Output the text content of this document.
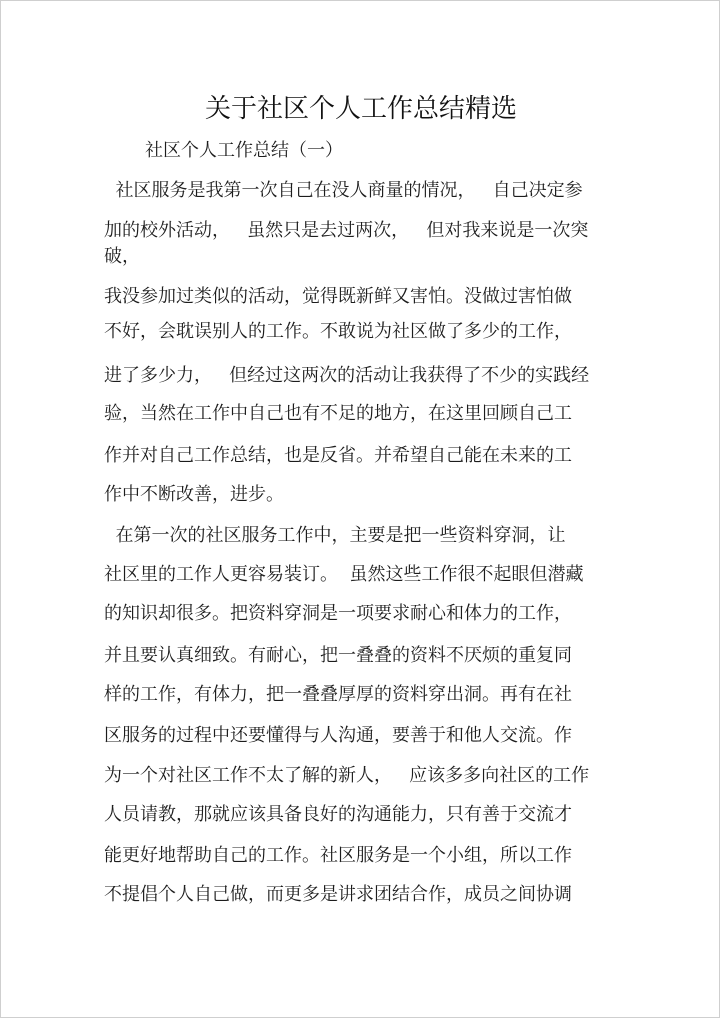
关于社区个人工作总结精选

社区个人工作总结（一）

社区服务是我第一次自己在没人商量的情况，   自己决定参

加的校外活动，   虽然只是去过两次，   但对我来说是一次突

破，

我没参加过类似的活动，觉得既新鲜又害怕。没做过害怕做

不好，会耽误别人的工作。不敢说为社区做了多少的工作，

进了多少力，   但经过这两次的活动让我获得了不少的实践经

验，当然在工作中自己也有不足的地方，在这里回顾自己工

作并对自己工作总结，也是反省。并希望自己能在未来的工

作中不断改善，进步。

在第一次的社区服务工作中，主要是把一些资料穿洞，让

社区里的工作人更容易装订。  虽然这些工作很不起眼但潜藏

的知识却很多。把资料穿洞是一项要求耐心和体力的工作，

并且要认真细致。有耐心，把一叠叠的资料不厌烦的重复同

样的工作，有体力，把一叠叠厚厚的资料穿出洞。再有在社

区服务的过程中还要懂得与人沟通，要善于和他人交流。作

为一个对社区工作不太了解的新人，   应该多多向社区的工作

人员请教，那就应该具备良好的沟通能力，只有善于交流才

能更好地帮助自己的工作。社区服务是一个小组，所以工作

不提倡个人自己做，而更多是讲求团结合作，成员之间协调
